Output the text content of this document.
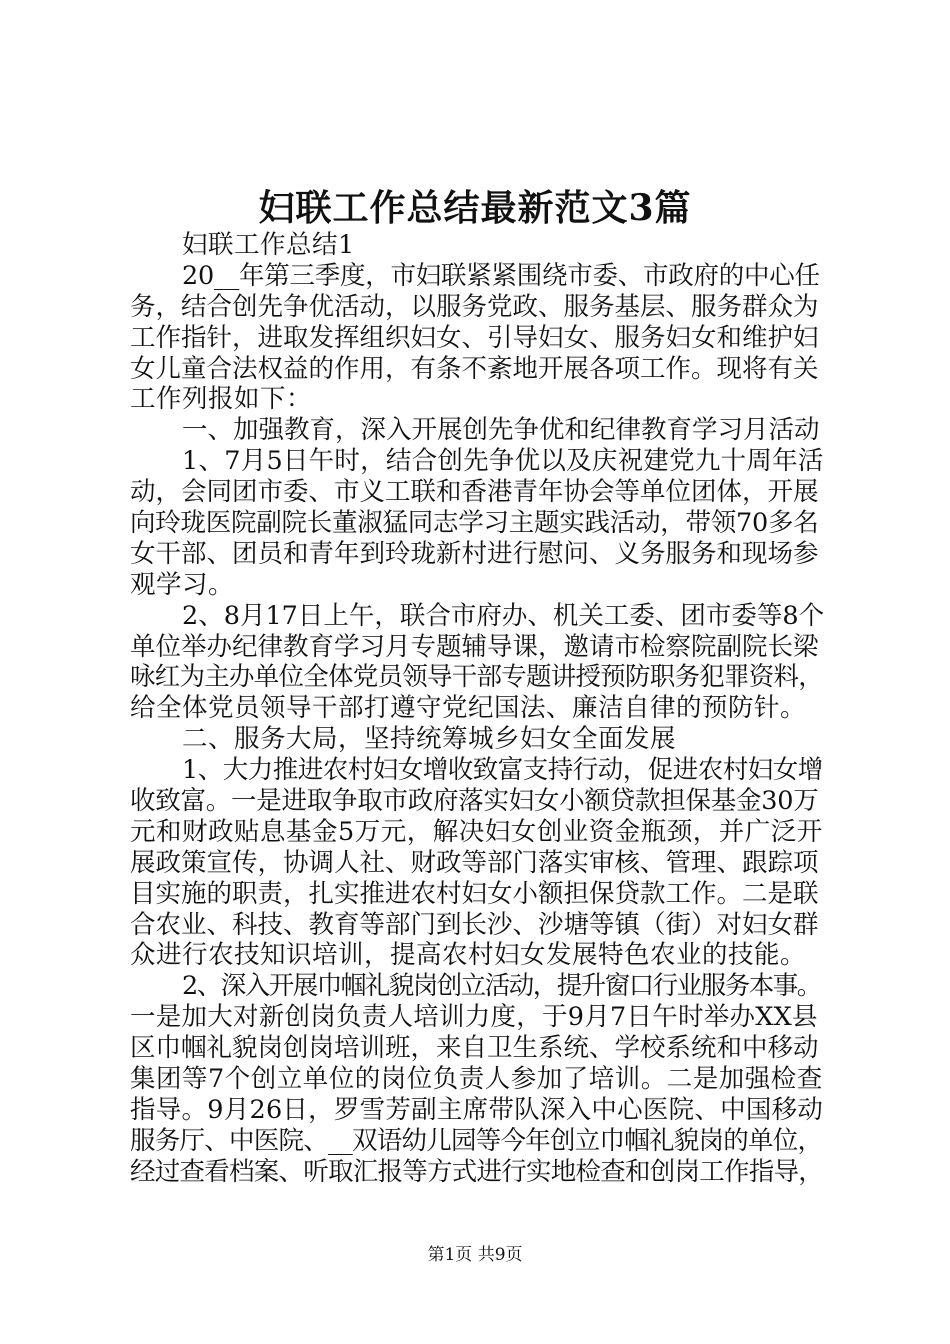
妇联工作总结最新范文3篇

妇联工作总结1

20__年第三季度，市妇联紧紧围绕市委、市政府的中心任

务，结合创先争优活动，以服务党政、服务基层、服务群众为

工作指针，进取发挥组织妇女、引导妇女、服务妇女和维护妇

女儿童合法权益的作用，有条不紊地开展各项工作。现将有关

工作列报如下：

一、加强教育，深入开展创先争优和纪律教育学习月活动

1、7月5日午时，结合创先争优以及庆祝建党九十周年活

动，会同团市委、市义工联和香港青年协会等单位团体，开展

向玲珑医院副院长董淑猛同志学习主题实践活动，带领70多名

女干部、团员和青年到玲珑新村进行慰问、义务服务和现场参

观学习。

2、8月17日上午，联合市府办、机关工委、团市委等8个

单位举办纪律教育学习月专题辅导课，邀请市检察院副院长梁

咏红为主办单位全体党员领导干部专题讲授预防职务犯罪资料，

给全体党员领导干部打遵守党纪国法、廉洁自律的预防针。

二、服务大局，坚持统筹城乡妇女全面发展

1、大力推进农村妇女增收致富支持行动，促进农村妇女增

收致富。一是进取争取市政府落实妇女小额贷款担保基金30万

元和财政贴息基金5万元，解决妇女创业资金瓶颈，并广泛开

展政策宣传，协调人社、财政等部门落实审核、管理、跟踪项

目实施的职责，扎实推进农村妇女小额担保贷款工作。二是联

合农业、科技、教育等部门到长沙、沙塘等镇（街）对妇女群

众进行农技知识培训，提高农村妇女发展特色农业的技能。

2、深入开展巾帼礼貌岗创立活动，提升窗口行业服务本事。

一是加大对新创岗负责人培训力度，于9月7日午时举办XX县

区巾帼礼貌岗创岗培训班，来自卫生系统、学校系统和中移动

集团等7个创立单位的岗位负责人参加了培训。二是加强检查

指导。9月26日，罗雪芳副主席带队深入中心医院、中国移动

服务厅、中医院、__双语幼儿园等今年创立巾帼礼貌岗的单位，

经过查看档案、听取汇报等方式进行实地检查和创岗工作指导，

第1页 共9页
